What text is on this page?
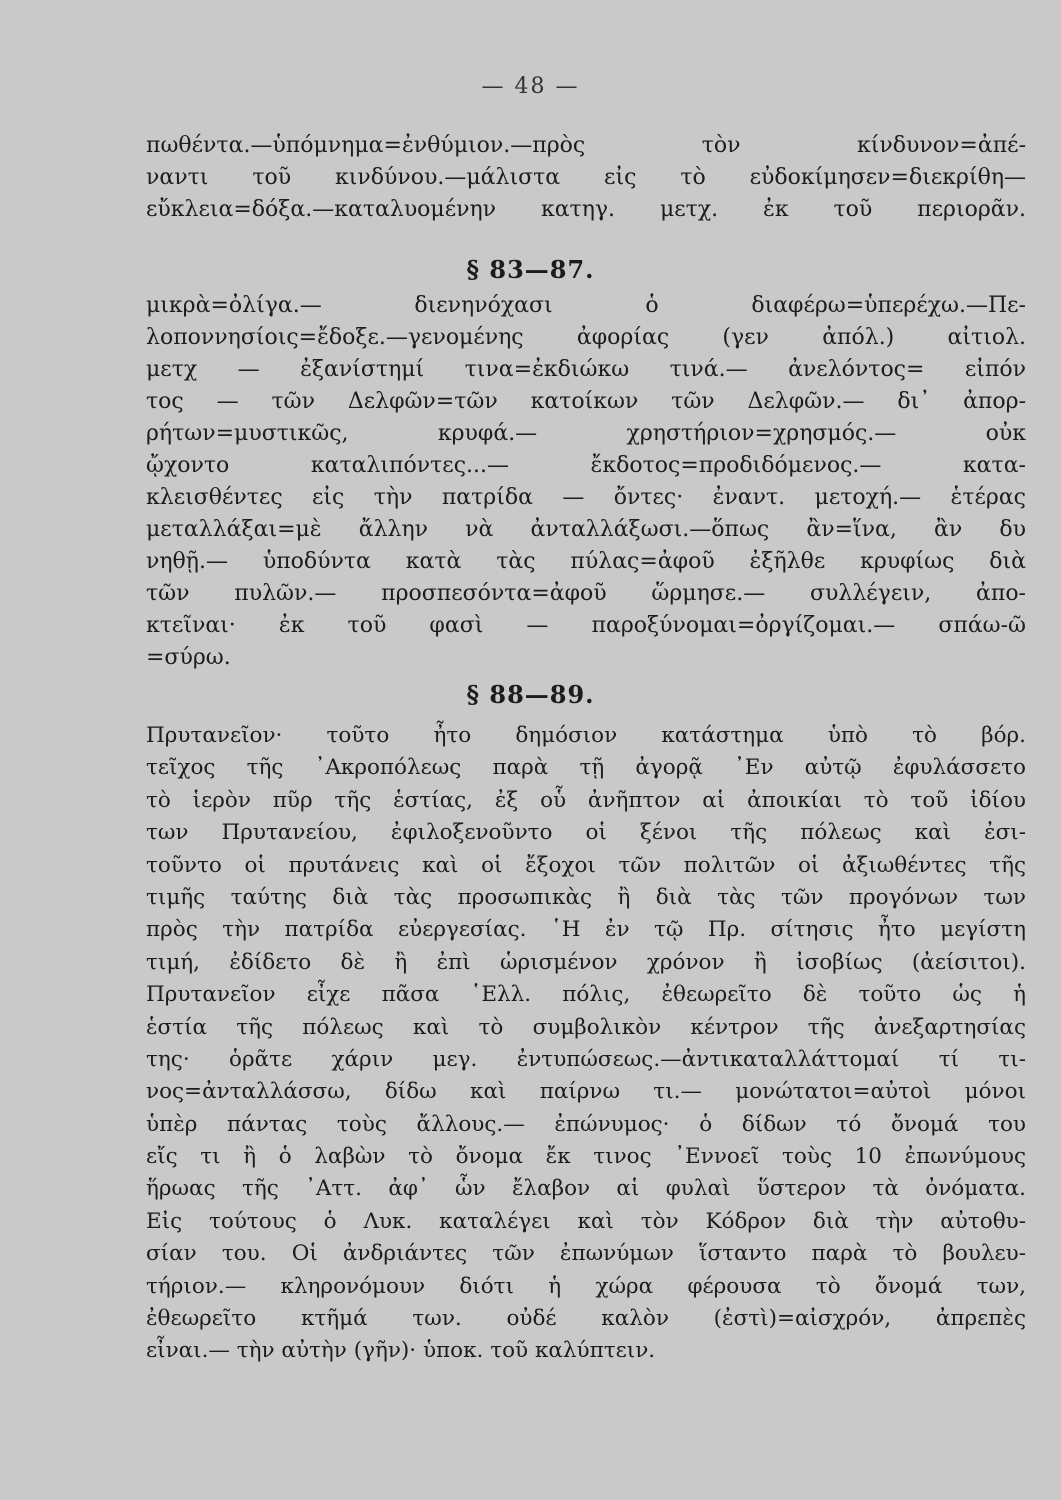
— 48 —
πωθέντα.—ὑπόμνημα=ἐνθύμιον.—πρὸς τὸν κίνδυνον=ἀπέ-
ναντι τοῦ κινδύνου.—μάλιστα εἰς τὸ εὐδοκίμησεν=διεκρίθη—
εὔκλεια=δόξα.—καταλυομένην κατηγ. μετχ. ἐκ τοῦ περιορᾶν.
§ 83—87.
μικρὰ=ὀλίγα.— διενηνόχασι ὁ διαφέρω=ὑπερέχω.—Πε-
λοποννησίοις=ἔδοξε.—γενομένης ἀφορίας (γεν ἀπόλ.) αἰτιολ.
μετχ — ἐξανίστημί τινα=ἐκδιώκω τινά.— ἀνελόντος= εἰπόν
τος — τῶν Δελφῶν=τῶν κατοίκων τῶν Δελφῶν.— δι᾽ ἀπορ-
ρήτων=μυστικῶς, κρυφά.— χρηστήριον=χρησμός.— οὐκ
ᾤχοντο καταλιπόντες...— ἔκδοτος=προδιδόμενος.— κατα-
κλεισθέντες εἰς τὴν πατρίδα — ὄντες· ἐναντ. μετοχή.— ἑτέρας
μεταλλάξαι=μὲ ἄλλην νὰ ἀνταλλάξωσι.—ὅπως ἂν=ἵνα, ἂν δυ
νηθῇ.— ὑποδύντα κατὰ τὰς πύλας=ἀφοῦ ἐξῆλθε κρυφίως διὰ
τῶν πυλῶν.— προσπεσόντα=ἀφοῦ ὥρμησε.— συλλέγειν, ἀπο-
κτεῖναι· ἐκ τοῦ φασὶ — παροξύνομαι=ὀργίζομαι.— σπάω-ῶ
=σύρω.
§ 88—89.
Πρυτανεῖον· τοῦτο ἦτο δημόσιον κατάστημα ὑπὸ τὸ βόρ.
τεῖχος τῆς ᾿Ακροπόλεως παρὰ τῇ ἀγορᾷ ᾿Εν αὐτῷ ἐφυλάσσετο
τὸ ἱερὸν πῦρ τῆς ἑστίας, ἐξ οὗ ἀνῆπτον αἱ ἀποικίαι τὸ τοῦ ἰδίου
των Πρυτανείου, ἐφιλοξενοῦντο οἱ ξένοι τῆς πόλεως καὶ ἐσι-
τοῦντο οἱ πρυτάνεις καὶ οἱ ἔξοχοι τῶν πολιτῶν οἱ ἀξιωθέντες τῆς
τιμῆς ταύτης διὰ τὰς προσωπικὰς ἢ διὰ τὰς τῶν προγόνων των
πρὸς τὴν πατρίδα εὐεργεσίας. ῾Η ἐν τῷ Πρ. σίτησις ἦτο μεγίστη
τιμή, ἐδίδετο δὲ ἢ ἐπὶ ὡρισμένον χρόνον ἢ ἰσοβίως (ἀείσιτοι).
Πρυτανεῖον εἶχε πᾶσα ῾Ελλ. πόλις, ἐθεωρεῖτο δὲ τοῦτο ὡς ἡ
ἑστία τῆς πόλεως καὶ τὸ συμβολικὸν κέντρον τῆς ἀνεξαρτησίας
της· ὁρᾶτε χάριν μεγ. ἐντυπώσεως.—ἀντικαταλλάττομαί τί τι-
νος=ἀνταλλάσσω, δίδω καὶ παίρνω τι.— μονώτατοι=αὐτοὶ μόνοι
ὑπὲρ πάντας τοὺς ἄλλους.— ἐπώνυμος· ὁ δίδων τό ὄνομά του
εἴς τι ἢ ὁ λαβὼν τὸ ὄνομα ἔκ τινος ᾿Εννοεῖ τοὺς 10 ἐπωνύμους
ἥρωας τῆς ᾿Αττ. ἀφ᾽ ὧν ἔλαβον αἱ φυλαὶ ὕστερον τὰ ὀνόματα.
Εἰς τούτους ὁ Λυκ. καταλέγει καὶ τὸν Κόδρον διὰ τὴν αὐτοθυ-
σίαν του. Οἱ ἀνδριάντες τῶν ἐπωνύμων ἵσταντο παρὰ τὸ βουλευ-
τήριον.— κληρονόμουν διότι ἡ χώρα φέρουσα τὸ ὄνομά των,
ἐθεωρεῖτο κτῆμά των. οὐδέ καλὸν (ἐστὶ)=αἰσχρόν, ἀπρεπὲς
εἶναι.— τὴν αὐτὴν (γῆν)· ὑποκ. τοῦ καλύπτειν.
